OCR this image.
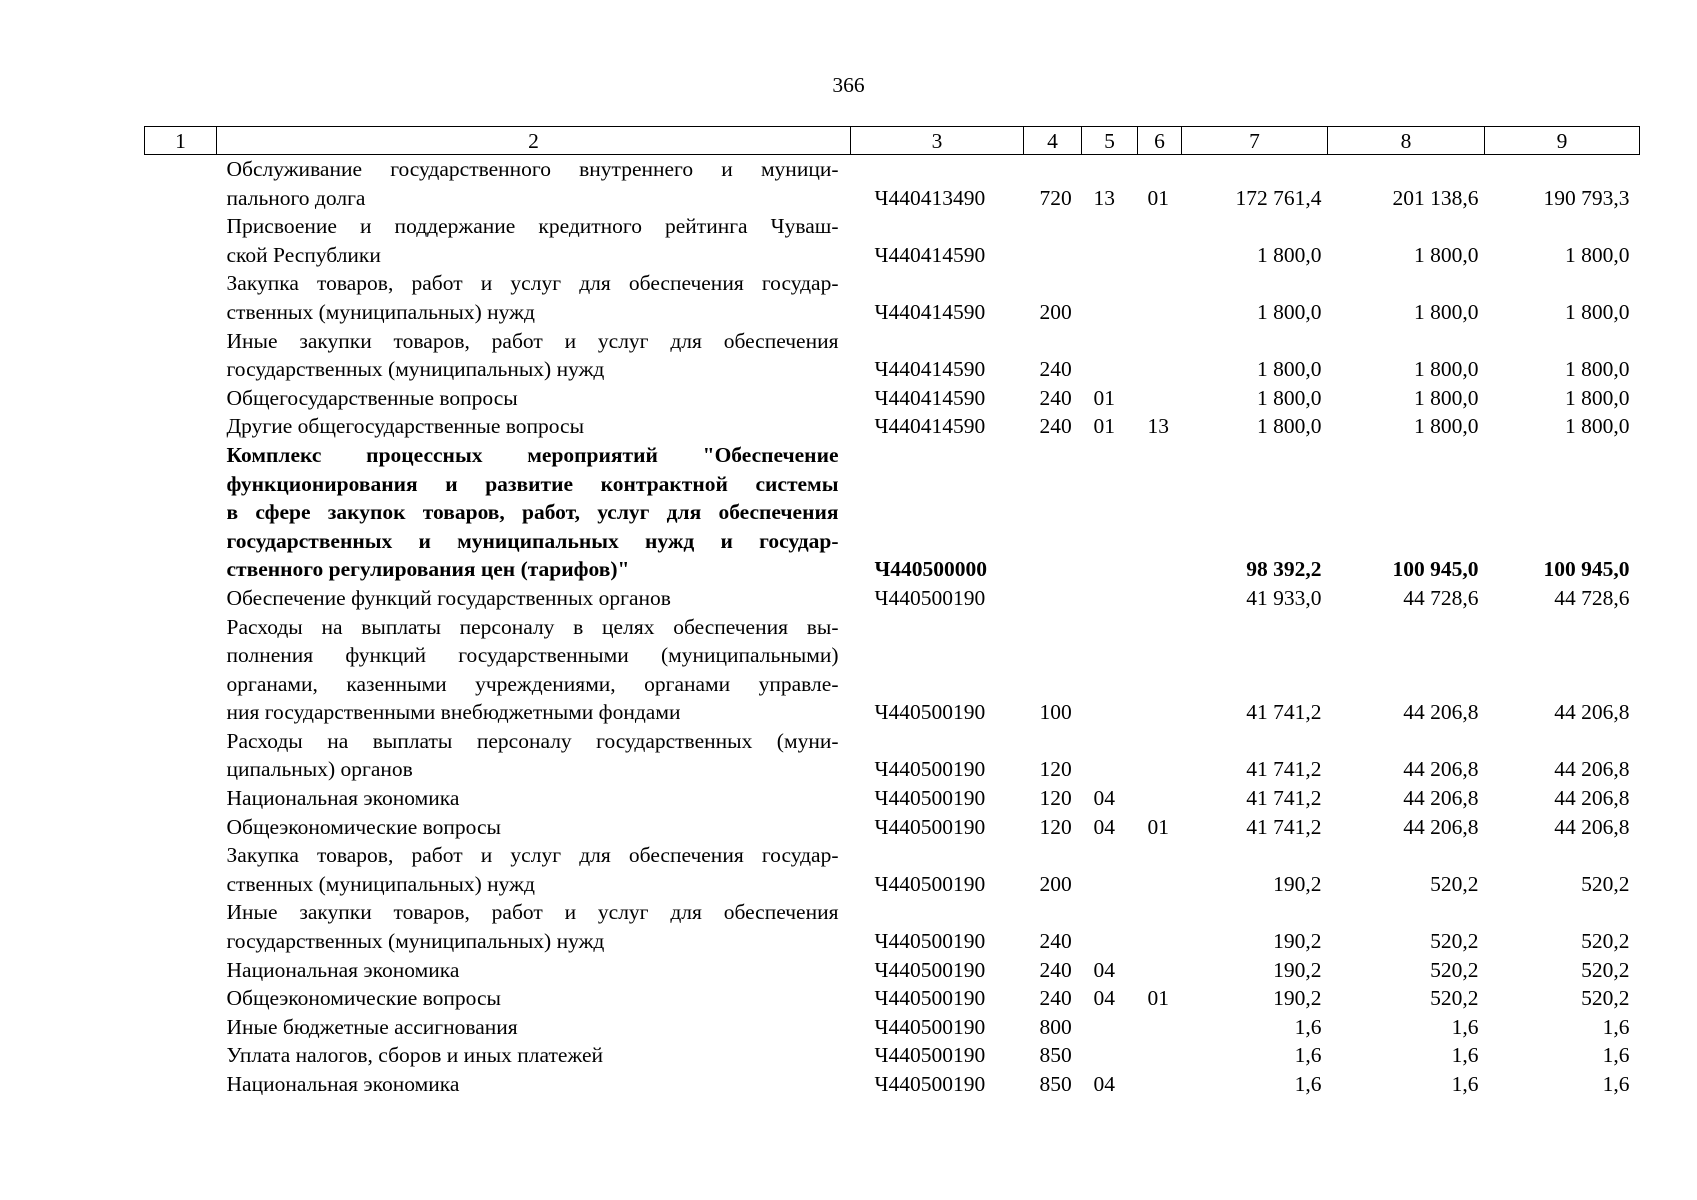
366
1	2	3	4	5	6	7	8	9

	Обслуживание государственного внутреннего и муници-
пального долга	Ч440413490	720	13	01	172 761,4	201 138,6	190 793,3

	Присвоение и поддержание кредитного рейтинга Чуваш-
ской Республики	Ч440414590				1 800,0	1 800,0	1 800,0

	Закупка товаров, работ и услуг для обеспечения государ-
ственных (муниципальных) нужд	Ч440414590	200			1 800,0	1 800,0	1 800,0

	Иные закупки товаров, работ и услуг для обеспечения
государственных (муниципальных) нужд	Ч440414590	240			1 800,0	1 800,0	1 800,0

	Общегосударственные вопросы	Ч440414590	240	01		1 800,0	1 800,0	1 800,0

	Другие общегосударственные вопросы	Ч440414590	240	01	13	1 800,0	1 800,0	1 800,0

	Комплекс процессных мероприятий "Обеспечение
функционирования и развитие контрактной системы
в сфере закупок товаров, работ, услуг для обеспечения
государственных и муниципальных нужд и государ-
ственного регулирования цен (тарифов)"	Ч440500000				98 392,2	100 945,0	100 945,0

	Обеспечение функций государственных органов	Ч440500190				41 933,0	44 728,6	44 728,6

	Расходы на выплаты персоналу в целях обеспечения вы-
полнения функций государственными (муниципальными)
органами, казенными учреждениями, органами управле-
ния государственными внебюджетными фондами	Ч440500190	100			41 741,2	44 206,8	44 206,8

	Расходы на выплаты персоналу государственных (муни-
ципальных) органов	Ч440500190	120			41 741,2	44 206,8	44 206,8

	Национальная экономика	Ч440500190	120	04		41 741,2	44 206,8	44 206,8

	Общеэкономические вопросы	Ч440500190	120	04	01	41 741,2	44 206,8	44 206,8

	Закупка товаров, работ и услуг для обеспечения государ-
ственных (муниципальных) нужд	Ч440500190	200			190,2	520,2	520,2

	Иные закупки товаров, работ и услуг для обеспечения
государственных (муниципальных) нужд	Ч440500190	240			190,2	520,2	520,2

	Национальная экономика	Ч440500190	240	04		190,2	520,2	520,2

	Общеэкономические вопросы	Ч440500190	240	04	01	190,2	520,2	520,2

	Иные бюджетные ассигнования	Ч440500190	800			1,6	1,6	1,6

	Уплата налогов, сборов и иных платежей	Ч440500190	850			1,6	1,6	1,6

	Национальная экономика	Ч440500190	850	04		1,6	1,6	1,6
